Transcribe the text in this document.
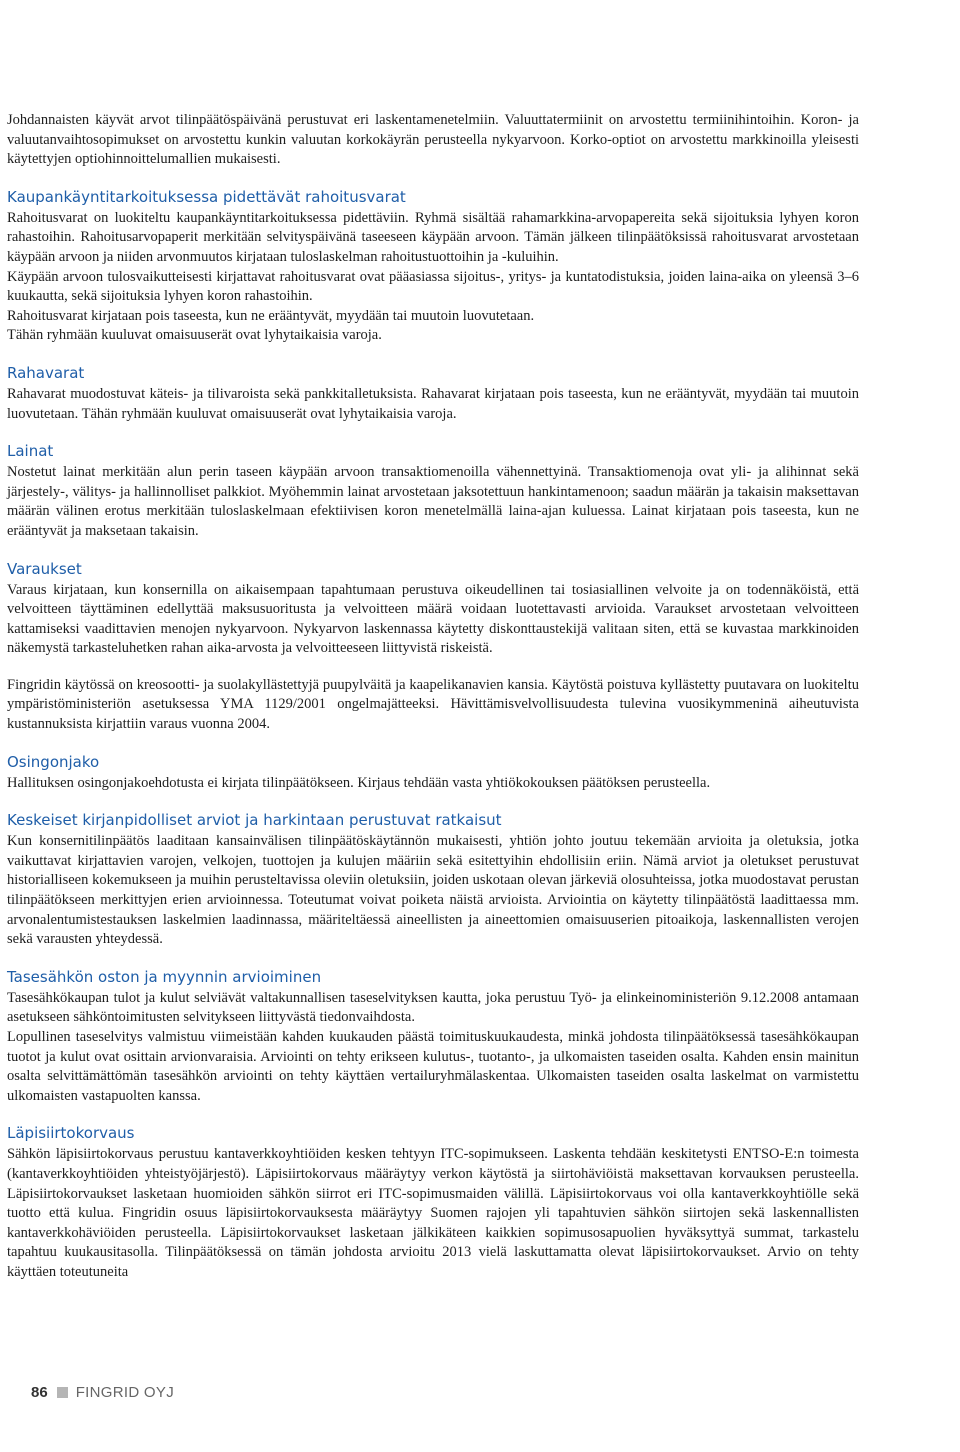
Johdannaisten käyvät arvot tilinpäätöspäivänä perustuvat eri laskentamenetelmiin. Valuuttatermiinit on arvostettu termiinihintoihin. Koron- ja valuutanvaihtosopimukset on arvostettu kunkin valuutan korkokäyrän perusteella nykyarvoon. Korko-optiot on arvostettu markkinoilla yleisesti käytettyjen optiohinnoittelumallien mukaisesti.

Kaupankäyntitarkoituksessa pidettävät rahoitusvarat

Rahoitusvarat on luokiteltu kaupankäyntitarkoituksessa pidettäviin. Ryhmä sisältää rahamarkkina-arvopapereita sekä sijoituksia lyhyen koron rahastoihin. Rahoitusarvopaperit merkitään selvityspäivänä taseeseen käypään arvoon. Tämän jälkeen tilinpäätöksissä rahoitusvarat arvostetaan käypään arvoon ja niiden arvonmuutos kirjataan tuloslaskelman rahoitustuottoihin ja -kuluihin.

Käypään arvoon tulosvaikutteisesti kirjattavat rahoitusvarat ovat pääasiassa sijoitus-, yritys- ja kuntatodistuksia, joiden laina-aika on yleensä 3–6 kuukautta, sekä sijoituksia lyhyen koron rahastoihin.

Rahoitusvarat kirjataan pois taseesta, kun ne erääntyvät, myydään tai muutoin luovutetaan.

Tähän ryhmään kuuluvat omaisuuserät ovat lyhytaikaisia varoja.

Rahavarat

Rahavarat muodostuvat käteis- ja tilivaroista sekä pankkitalletuksista. Rahavarat kirjataan pois taseesta, kun ne erääntyvät, myydään tai muutoin luovutetaan. Tähän ryhmään kuuluvat omaisuuserät ovat lyhytaikaisia varoja.

Lainat

Nostetut lainat merkitään alun perin taseen käypään arvoon transaktiomenoilla vähennettyinä. Transaktiomenoja ovat yli- ja alihinnat sekä järjestely-, välitys- ja hallinnolliset palkkiot. Myöhemmin lainat arvostetaan jaksotettuun hankintamenoon; saadun määrän ja takaisin maksettavan määrän välinen erotus merkitään tuloslaskelmaan efektiivisen koron menetelmällä laina-ajan kuluessa. Lainat kirjataan pois taseesta, kun ne erääntyvät ja maksetaan takaisin.

Varaukset

Varaus kirjataan, kun konsernilla on aikaisempaan tapahtumaan perustuva oikeudellinen tai tosiasiallinen velvoite ja on todennäköistä, että velvoitteen täyttäminen edellyttää maksusuoritusta ja velvoitteen määrä voidaan luotettavasti arvioida. Varaukset arvostetaan velvoitteen kattamiseksi vaadittavien menojen nykyarvoon. Nykyarvon laskennassa käytetty diskonttaustekijä valitaan siten, että se kuvastaa markkinoiden näkemystä tarkasteluhetken rahan aika-arvosta ja velvoitteeseen liittyvistä riskeistä.

Fingridin käytössä on kreosootti- ja suolakyllästettyjä puupylväitä ja kaapelikanavien kansia. Käytöstä poistuva kyllästetty puutavara on luokiteltu ympäristöministeriön asetuksessa YMA 1129/2001 ongelmajätteeksi. Hävittämisvelvollisuudesta tulevina vuosikymmeninä aiheutuvista kustannuksista kirjattiin varaus vuonna 2004.

Osingonjako

Hallituksen osingonjakoehdotusta ei kirjata tilinpäätökseen. Kirjaus tehdään vasta yhtiökokouksen päätöksen perusteella.

Keskeiset kirjanpidolliset arviot ja harkintaan perustuvat ratkaisut

Kun konsernitilinpäätös laaditaan kansainvälisen tilinpäätöskäytännön mukaisesti, yhtiön johto joutuu tekemään arvioita ja oletuksia, jotka vaikuttavat kirjattavien varojen, velkojen, tuottojen ja kulujen määriin sekä esitettyihin ehdollisiin eriin. Nämä arviot ja oletukset perustuvat historialliseen kokemukseen ja muihin perusteltavissa oleviin oletuksiin, joiden uskotaan olevan järkeviä olosuhteissa, jotka muodostavat perustan tilinpäätökseen merkittyjen erien arvioinnessa. Toteutumat voivat poiketa näistä arvioista. Arviointia on käytetty tilinpäätöstä laadittaessa mm. arvonalentumistestauksen laskelmien laadinnassa, määriteltäessä aineellisten ja aineettomien omaisuuserien pitoaikoja, laskennallisten verojen sekä varausten yhteydessä.

Tasesähkön oston ja myynnin arvioiminen

Tasesähkökaupan tulot ja kulut selviävät valtakunnallisen taseselvityksen kautta, joka perustuu Työ- ja elinkeinoministeriön 9.12.2008 antamaan asetukseen sähköntoimitusten selvitykseen liittyvästä tiedonvaihdosta.

Lopullinen taseselvitys valmistuu viimeistään kahden kuukauden päästä toimituskuukaudesta, minkä johdosta tilinpäätöksessä tasesähkökaupan tuotot ja kulut ovat osittain arvionvaraisia. Arviointi on tehty erikseen kulutus-, tuotanto-, ja ulkomaisten taseiden osalta. Kahden ensin mainitun osalta selvittämättömän tasesähkön arviointi on tehty käyttäen vertailuryhmälaskentaa. Ulkomaisten taseiden osalta laskelmat on varmistettu ulkomaisten vastapuolten kanssa.

Läpisiirtokorvaus

Sähkön läpisiirtokorvaus perustuu kantaverkkoyhtiöiden kesken tehtyyn ITC-sopimukseen. Laskenta tehdään keskitetysti ENTSO-E:n toimesta (kantaverkkoyhtiöiden yhteistyöjärjestö). Läpisiirtokorvaus määräytyy verkon käytöstä ja siirtohäviöistä maksettavan korvauksen perusteella. Läpisiirtokorvaukset lasketaan huomioiden sähkön siirrot eri ITC-sopimusmaiden välillä. Läpisiirtokorvaus voi olla kantaverkkoyhtiölle sekä tuotto että kulua. Fingridin osuus läpisiirtokorvauksesta määräytyy Suomen rajojen yli tapahtuvien sähkön siirtojen sekä laskennallisten kantaverkkohäviöiden perusteella. Läpisiirtokorvaukset lasketaan jälkikäteen kaikkien sopimusosapuolien hyväksyttyä summat, tarkastelu tapahtuu kuukausitasolla. Tilinpäätöksessä on tämän johdosta arvioitu 2013 vielä laskuttamatta olevat läpisiirtokorvaukset. Arvio on tehty käyttäen toteutuneita

86 FINGRID OYJ
